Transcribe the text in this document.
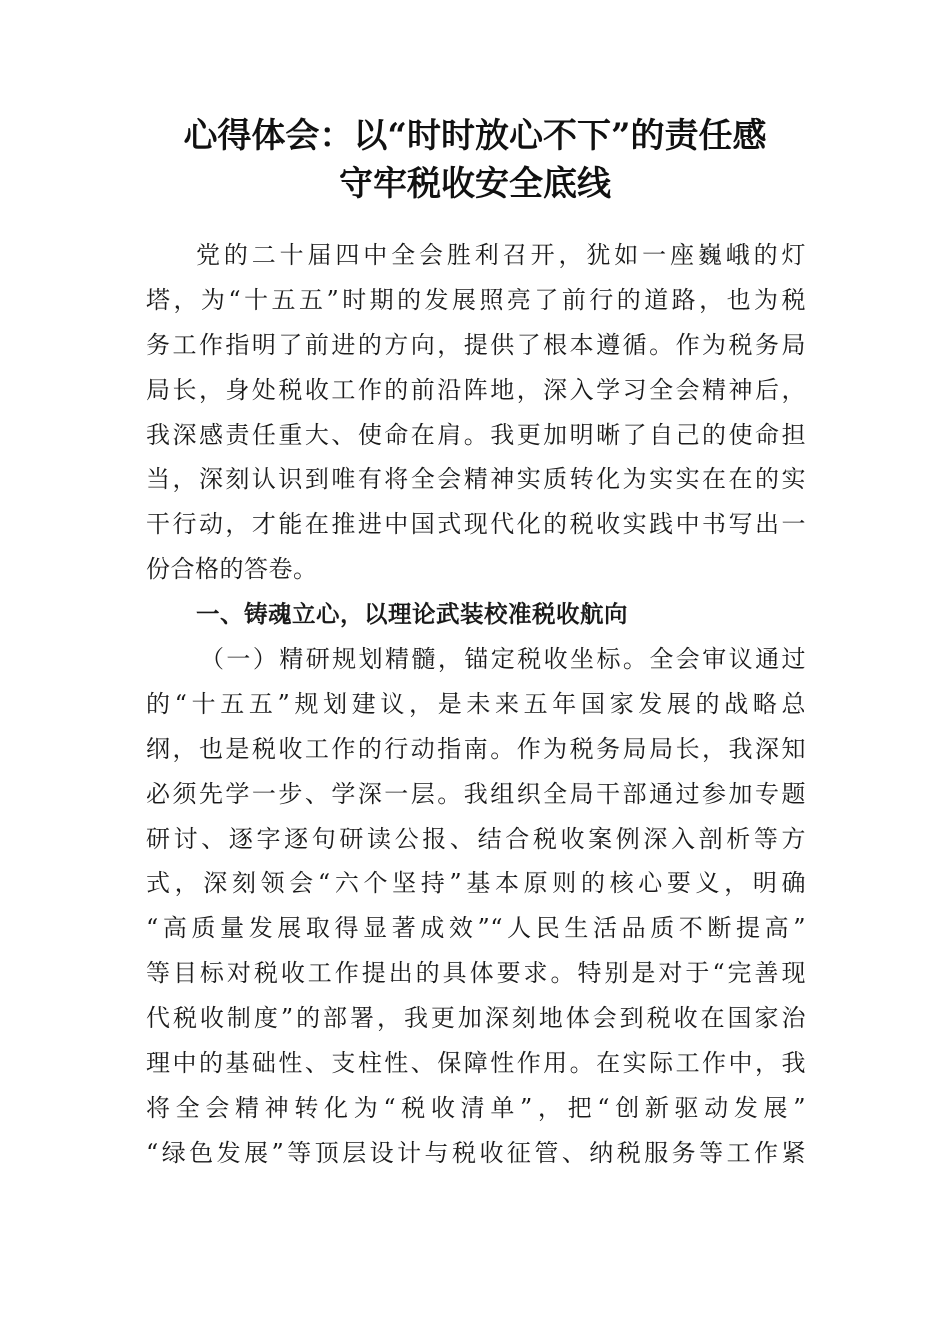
心得体会：以“时时放心不下”的责任感
守牢税收安全底线
党的二十届四中全会胜利召开，犹如一座巍峨的灯
塔，为“十五五”时期的发展照亮了前行的道路，也为税
务工作指明了前进的方向，提供了根本遵循。作为税务局
局长，身处税收工作的前沿阵地，深入学习全会精神后，
我深感责任重大、使命在肩。我更加明晰了自己的使命担
当，深刻认识到唯有将全会精神实质转化为实实在在的实
干行动，才能在推进中国式现代化的税收实践中书写出一
份合格的答卷。
一、铸魂立心，以理论武装校准税收航向
（一）精研规划精髓，锚定税收坐标。全会审议通过
的“十五五”规划建议，是未来五年国家发展的战略总
纲，也是税收工作的行动指南。作为税务局局长，我深知
必须先学一步、学深一层。我组织全局干部通过参加专题
研讨、逐字逐句研读公报、结合税收案例深入剖析等方
式，深刻领会“六个坚持”基本原则的核心要义，明确
“高质量发展取得显著成效”“人民生活品质不断提高”
等目标对税收工作提出的具体要求。特别是对于“完善现
代税收制度”的部署，我更加深刻地体会到税收在国家治
理中的基础性、支柱性、保障性作用。在实际工作中，我
将全会精神转化为“税收清单”，把“创新驱动发展”
“绿色发展”等顶层设计与税收征管、纳税服务等工作紧
